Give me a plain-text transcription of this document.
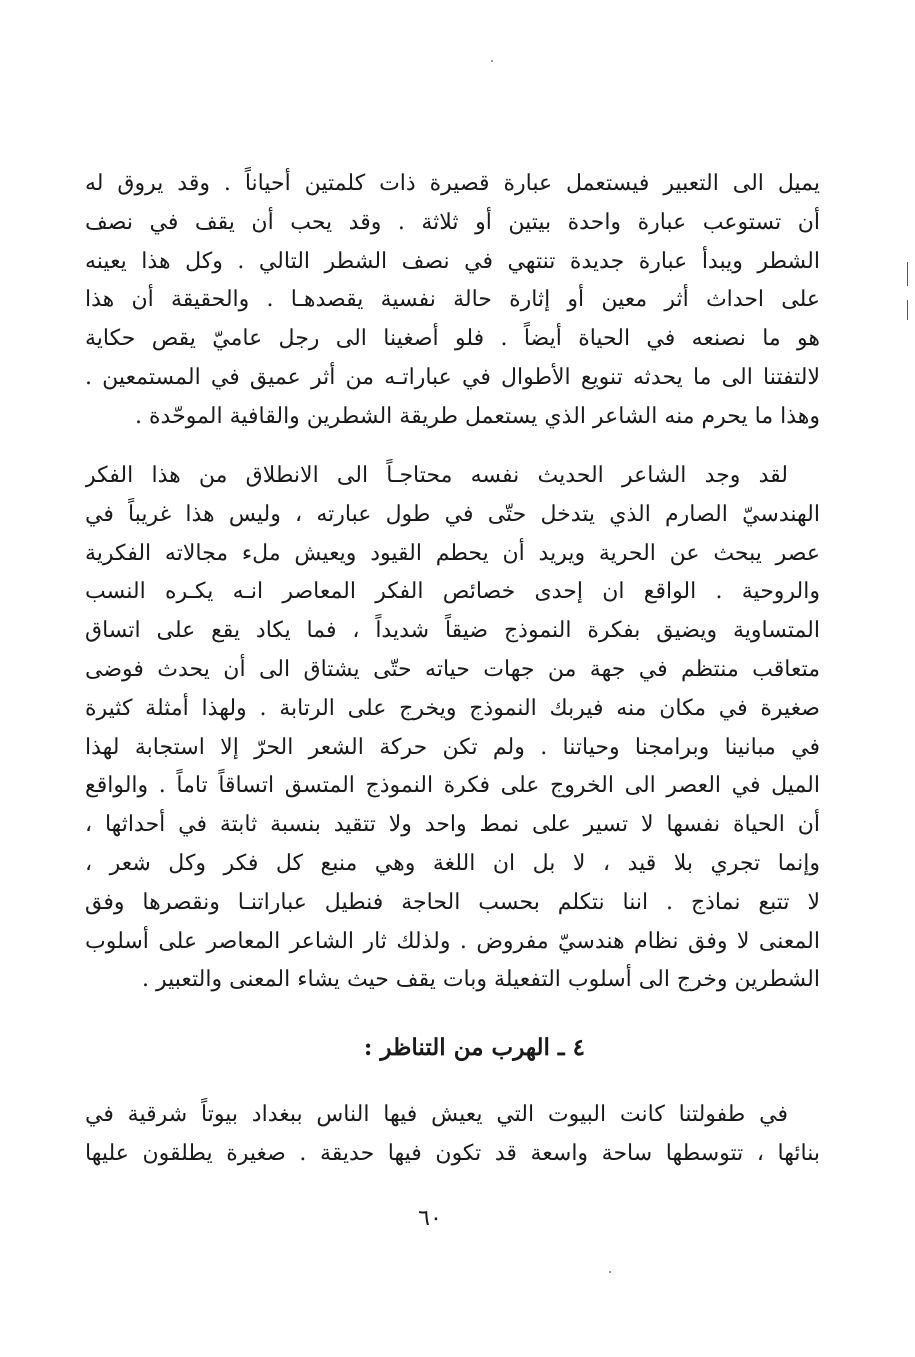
يميل الى التعبير فيستعمل عبارة قصيرة ذات كلمتين أحياناً . وقد يروق له
أن تستوعب عبارة واحدة بيتين أو ثلاثة . وقد يحب أن يقف في نصف
الشطر ويبدأ عبارة جديدة تنتهي في نصف الشطر التالي . وكل هذا يعينه
على احداث أثر معين أو إثارة حالة نفسية يقصدهـا . والحقيقة أن هذا
هو ما نصنعه في الحياة أيضاً . فلو أصغينا الى رجل عاميّ يقص حكاية
لالتفتنا الى ما يحدثه تنويع الأطوال في عباراتـه من أثر عميق في المستمعين .
وهذا ما يحرم منه الشاعر الذي يستعمل طريقة الشطرين والقافية الموحّدة .
لقد وجد الشاعر الحديث نفسه محتاجـاً الى الانطلاق من هذا الفكر
الهندسيّ الصارم الذي يتدخل حتّى في طول عبارته ، وليس هذا غريباً في
عصر يبحث عن الحرية ويريد أن يحطم القيود ويعيش ملء مجالاته الفكرية
والروحية . الواقع ان إحدى خصائص الفكر المعاصر انـه يكـره النسب
المتساوية ويضيق بفكرة النموذج ضيقاً شديداً ، فما يكاد يقع على اتساق
متعاقب منتظم في جهة من جهات حياته حتّى يشتاق الى أن يحدث فوضى
صغيرة في مكان منه فيربك النموذج ويخرج على الرتابة . ولهذا أمثلة كثيرة
في مبانينا وبرامجنا وحياتنا . ولم تكن حركة الشعر الحرّ إلا استجابة لهذا
الميل في العصر الى الخروج على فكرة النموذج المتسق اتساقاً تاماً . والواقع
أن الحياة نفسها لا تسير على نمط واحد ولا تتقيد بنسبة ثابتة في أحداثها ،
وإنما تجري بلا قيد ، لا بل ان اللغة وهي منبع كل فكر وكل شعر ،
لا تتبع نماذج . اننا نتكلم بحسب الحاجة فنطيل عباراتنـا ونقصرها وفق
المعنى لا وفق نظام هندسيّ مفروض . ولذلك ثار الشاعر المعاصر على أسلوب
الشطرين وخرج الى أسلوب التفعيلة وبات يقف حيث يشاء المعنى والتعبير .
٤ ـ الهرب من التناظر :
في طفولتنا كانت البيوت التي يعيش فيها الناس ببغداد بيوتاً شرقية في
بنائها ، تتوسطها ساحة واسعة قد تكون فيها حديقة . صغيرة يطلقون عليها
٦٠
